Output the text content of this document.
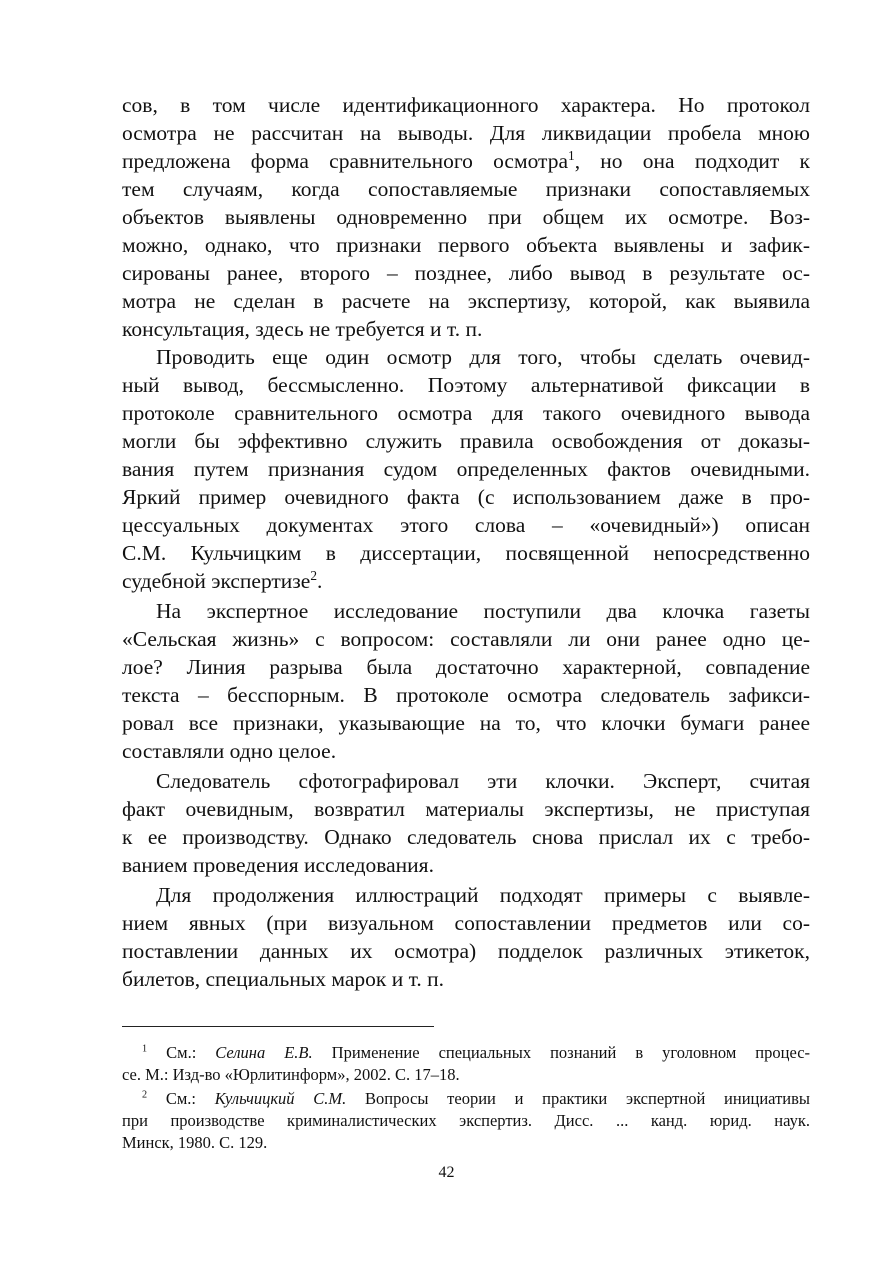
сов, в том числе идентификационного характера. Но протокол
осмотра не рассчитан на выводы. Для ликвидации пробела мною
предложена форма сравнительного осмотра$^1$, но она подходит к
тем случаям, когда сопоставляемые признаки сопоставляемых
объектов выявлены одновременно при общем их осмотре. Воз-
можно, однако, что признаки первого объекта выявлены и зафик-
сированы ранее, второго – позднее, либо вывод в результате ос-
мотра не сделан в расчете на экспертизу, которой, как выявила
консультация, здесь не требуется и т. п.
Проводить еще один осмотр для того, чтобы сделать очевид-
ный вывод, бессмысленно. Поэтому альтернативой фиксации в
протоколе сравнительного осмотра для такого очевидного вывода
могли бы эффективно служить правила освобождения от доказы-
вания путем признания судом определенных фактов очевидными.
Яркий пример очевидного факта (с использованием даже в про-
цессуальных документах этого слова – «очевидный») описан
С.М. Кульчицким в диссертации, посвященной непосредственно
судебной экспертизе$^2$.
На экспертное исследование поступили два клочка газеты
«Сельская жизнь» с вопросом: составляли ли они ранее одно це-
лое? Линия разрыва была достаточно характерной, совпадение
текста – бесспорным. В протоколе осмотра следователь зафикси-
ровал все признаки, указывающие на то, что клочки бумаги ранее
составляли одно целое.
Следователь сфотографировал эти клочки. Эксперт, считая
факт очевидным, возвратил материалы экспертизы, не приступая
к ее производству. Однако следователь снова прислал их с требо-
ванием проведения исследования.
Для продолжения иллюстраций подходят примеры с выявле-
нием явных (при визуальном сопоставлении предметов или со-
поставлении данных их осмотра) подделок различных этикеток,
билетов, специальных марок и т. п.
$^1$ См.: Селина Е.В. Применение специальных познаний в уголовном процес-
се. М.: Изд-во «Юрлитинформ», 2002. С. 17–18.
$^2$ См.: Кульчицкий С.М. Вопросы теории и практики экспертной инициативы
при производстве криминалистических экспертиз. Дисс. ... канд. юрид. наук.
Минск, 1980. С. 129.
42
